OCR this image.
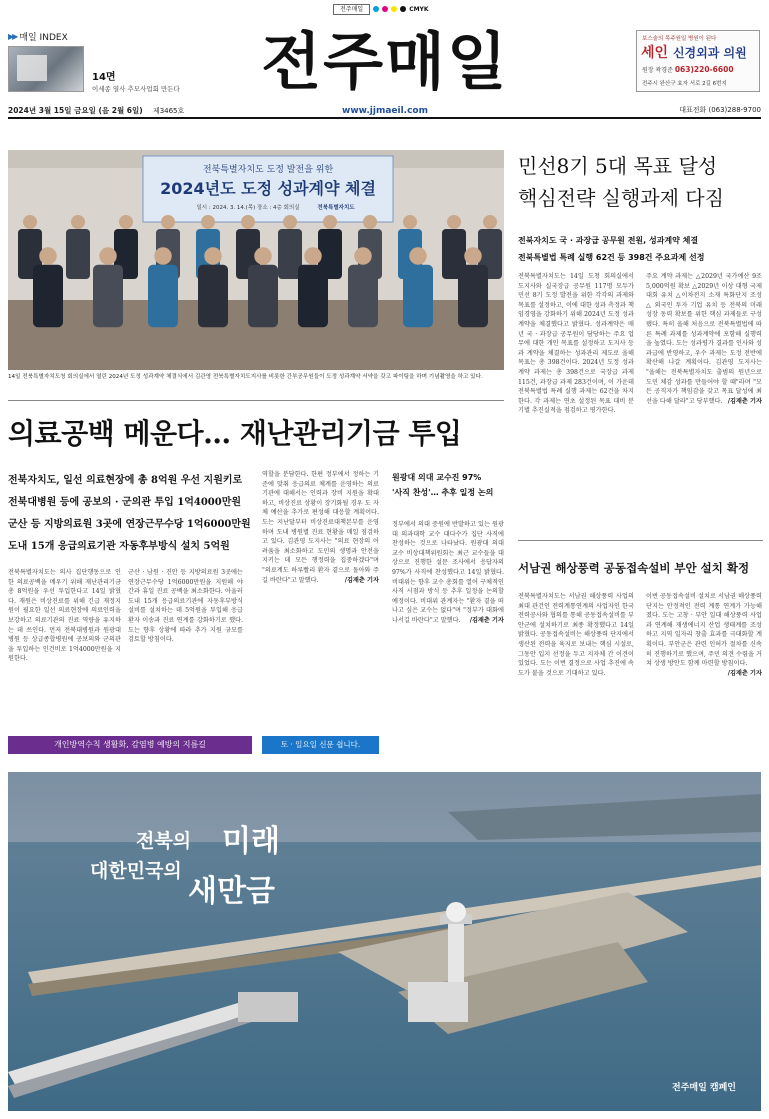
전주매일	CMYK
▶▶ 매일 INDEX
14면
이세종 열사 추모사업회 만든다 전주매일
www.jjmaeil.com
보스술의 목주원일 병원이 된다
세인 신경외과 의원
원장 곽경준 063)220-6600
전주시 완산구 효자 서로 2길 6번지
2024년 3월 15일 금요일 (음 2월 6일) 제3465호	대표전화 (063)288-9700
전북특별자치도 도정 발전을 위한
2024년도 도정 성과계약 체결
일시 : 2024. 3. 14.(목) 장소 : 4층 회의실	전북특별자치도
14일 전북특별자치도청 회의실에서 열린 2024년 도정 성과계약 체결식에서 김관영 전북특별자치도지사를 비롯한 간부공무원들이 도정 성과계약 서약을 갖고 파이팅을 하며 기념촬영을 하고 있다.
민선8기 5대 목표 달성
핵심전략 실행과제 다짐
전북자치도 국 · 과장급 공무원 전원, 성과계약 체결
전북특별법 특례 실행 62건 등 398건 주요과제 선정
전북특별자치도는 14일 도청 회의실에서 도지사와 실국장급 공무원 117명 모두가 민선 8기 도정 발전을 위한 각각의 과제와 목표를 설정하고, 이에 대한 성과 측정과 책임경영을 강화하기 위해 2024년 도정 성과계약을 체결했다고 밝혔다. 성과계약은 매년 국 · 과장급 공무원이 담당하는 주요 업무에 대한 개인 목표를 설정하고 도지사 등과 계약을 체결하는 성과관리 제도로 올해 목표는 총 398건이다. 2024년 도정 성과계약 과제는 총 398건으로 국장급 과제 115건, 과장급 과제 283건이며, 이 가운데 전북특별법 특례 실행 과제는 62건을 차지한다. 각 과제는 연초 설정된 목표 대비 분기별 추진실적을 점검하고 평가한다.
주요 계약 과제는 △2029년 국가예산 9조 5,000억원 확보 △2029년 이상 대형 국제대회 유치 △이차전지 소재 특화단지 조성 △ 외국인 투자 기업 유치 등 전북의 미래 성장 동력 확보를 위한 핵심 과제들로 구성됐다. 특히 올해 처음으로 전북특별법에 따른 특례 과제를 성과계약에 포함해 실행력을 높였다. 도는 성과평가 결과를 인사와 성과급에 반영하고, 우수 과제는 도정 전반에 확산해 나갈 계획이다. 김관영 도지사는 "올해는 전북특별자치도 출범의 원년으로 도민 체감 성과를 만들어야 할 때"라며 "모든 공직자가 책임감을 갖고 목표 달성에 최선을 다해 달라"고 당부했다. /김재춘 기자
의료공백 메운다… 재난관리기금 투입
전북자치도, 일선 의료현장에 총 8억원 우선 지원키로
전북대병원 등에 공보의 · 군의관 투입 1억4000만원
군산 등 지방의료원 3곳에 연장근무수당 1억6000만원
도내 15개 응급의료기관 자동후부방식 설치 5억원
전북특별자치도는 의사 집단행동으로 인한 의료공백을 메우기 위해 재난관리기금 총 8억원을 우선 투입한다고 14일 밝혔다. 재원은 비상진료를 위해 긴급 재정지원이 필요한 일선 의료현장에 의료인력을 보강하고 의료기관의 진료 역량을 유지하는 데 쓰인다. 먼저 전북대병원과 원광대병원 등 상급종합병원에 공보의와 군의관을 투입하는 인건비로 1억4000만원을 지원한다.
군산 · 남원 · 진안 등 지방의료원 3곳에는 연장근무수당 1억6000만원을 지원해 야간과 휴일 진료 공백을 최소화한다. 아울러 도내 15개 응급의료기관에 자동후부방식 설비를 설치하는 데 5억원을 투입해 응급환자 이송과 진료 연계를 강화하기로 했다. 도는 향후 상황에 따라 추가 지원 규모를 검토할 방침이다.
역할을 분담한다. 한편 정부에서 정하는 기준에 맞춰 응급의료 체계를 운영하는 의료기관에 대해서는 인력과 장비 지원을 확대하고, 비상진료 상황이 장기화될 경우 도 자체 예산을 추가로 편성해 대응할 계획이다. 도는 지난달부터 비상진료대책본부를 운영하며 도내 병원별 진료 현황을 매일 점검하고 있다. 김관영 도지사는 "의료 현장의 어려움을 최소화하고 도민의 생명과 안전을 지키는 데 모든 행정력을 집중하겠다"며 "의료계도 하루빨리 환자 곁으로 돌아와 주길 바란다"고 말했다.	/김재춘 기자
원광대 의대 교수진 97%
'사직 찬성'… 추후 일정 논의
정부에서 의대 증원에 반발하고 있는 원광대 의과대학 교수 대다수가 집단 사직에 찬성하는 것으로 나타났다. 원광대 의대 교수 비상대책위원회는 최근 교수들을 대상으로 진행한 설문 조사에서 응답자의 97%가 사직에 찬성했다고 14일 밝혔다. 비대위는 향후 교수 총회를 열어 구체적인 사직 시점과 방식 등 추후 일정을 논의할 예정이다. 비대위 관계자는 "환자 곁을 떠나고 싶은 교수는 없다"며 "정부가 대화에 나서길 바란다"고 말했다. /김재춘 기자
개인방역수칙 생활화, 감염병 예방의 지름길	토 · 일요일 신문 쉽니다.
서남권 해상풍력 공동접속설비 부안 설치 확정
전북특별자치도는 서남권 해상풍력 사업의 최대 관건인 전력계통연계의 사업자인 한국전력공사와 협의를 통해 공동접속설비를 부안군에 설치하기로 최종 확정했다고 14일 밝혔다. 공동접속설비는 해상풍력 단지에서 생산된 전력을 육지로 보내는 핵심 시설로, 그동안 입지 선정을 두고 지자체 간 이견이 있었다. 도는 이번 결정으로 사업 추진에 속도가 붙을 것으로 기대하고 있다.
이번 공동접속설비 설치로 서남권 해상풍력 단지는 안정적인 전력 계통 연계가 가능해졌다. 도는 고창 · 부안 일대 해상풍력 사업과 연계해 재생에너지 산업 생태계를 조성하고 지역 일자리 창출 효과를 극대화할 계획이다. 부안군은 관련 인허가 절차를 신속히 진행하기로 했으며, 주민 의견 수렴을 거쳐 상생 방안도 함께 마련할 방침이다.
/김재춘 기자
전북의
대한민국의
미래
새만금
전주매일 캠페인
